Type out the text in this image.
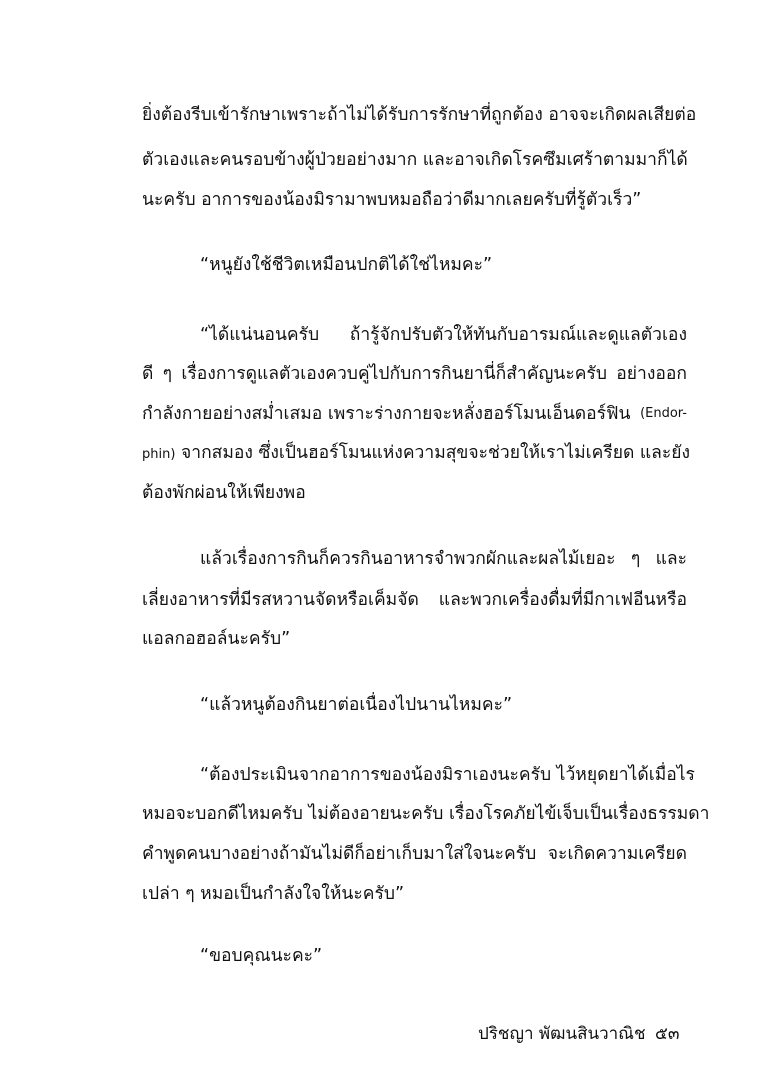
ยิ่งต้องรีบเข้ารักษาเพราะถ้าไม่ได้รับการรักษาที่ถูกต้อง อาจจะเกิดผลเสียต่อ
ตัวเองและคนรอบข้างผู้ป่วยอย่างมาก และอาจเกิดโรคซึมเศร้าตามมาก็ได้
นะครับ อาการของน้องมิรามาพบหมอถือว่าดีมากเลยครับที่รู้ตัวเร็ว”
“หนูยังใช้ชีวิตเหมือนปกติได้ใช่ไหมคะ”
“ได้แน่นอนครับ ถ้ารู้จักปรับตัวให้ทันกับอารมณ์และดูแลตัวเอง
ดี ๆ เรื่องการดูแลตัวเองควบคู่ไปกับการกินยานี่ก็สำคัญนะครับ อย่างออก
กำลังกายอย่างสม่ำเสมอ เพราะร่างกายจะหลั่งฮอร์โมนเอ็นดอร์ฟิน (Endor-
phin) จากสมอง ซึ่งเป็นฮอร์โมนแห่งความสุขจะช่วยให้เราไม่เครียด และยัง
ต้องพักผ่อนให้เพียงพอ
แล้วเรื่องการกินก็ควรกินอาหารจำพวกผักและผลไม้เยอะ ๆ และ
เลี่ยงอาหารที่มีรสหวานจัดหรือเค็มจัด และพวกเครื่องดื่มที่มีกาเฟอีนหรือ
แอลกอฮอล์นะครับ”
“แล้วหนูต้องกินยาต่อเนื่องไปนานไหมคะ”
“ต้องประเมินจากอาการของน้องมิราเองนะครับ ไว้หยุดยาได้เมื่อไร
หมอจะบอกดีไหมครับ ไม่ต้องอายนะครับ เรื่องโรคภัยไข้เจ็บเป็นเรื่องธรรมดา
คำพูดคนบางอย่างถ้ามันไม่ดีก็อย่าเก็บมาใส่ใจนะครับ จะเกิดความเครียด
เปล่า ๆ หมอเป็นกำลังใจให้นะครับ”
“ขอบคุณนะคะ”
ปริชญา พัฒนสินวาณิช ๕๓
